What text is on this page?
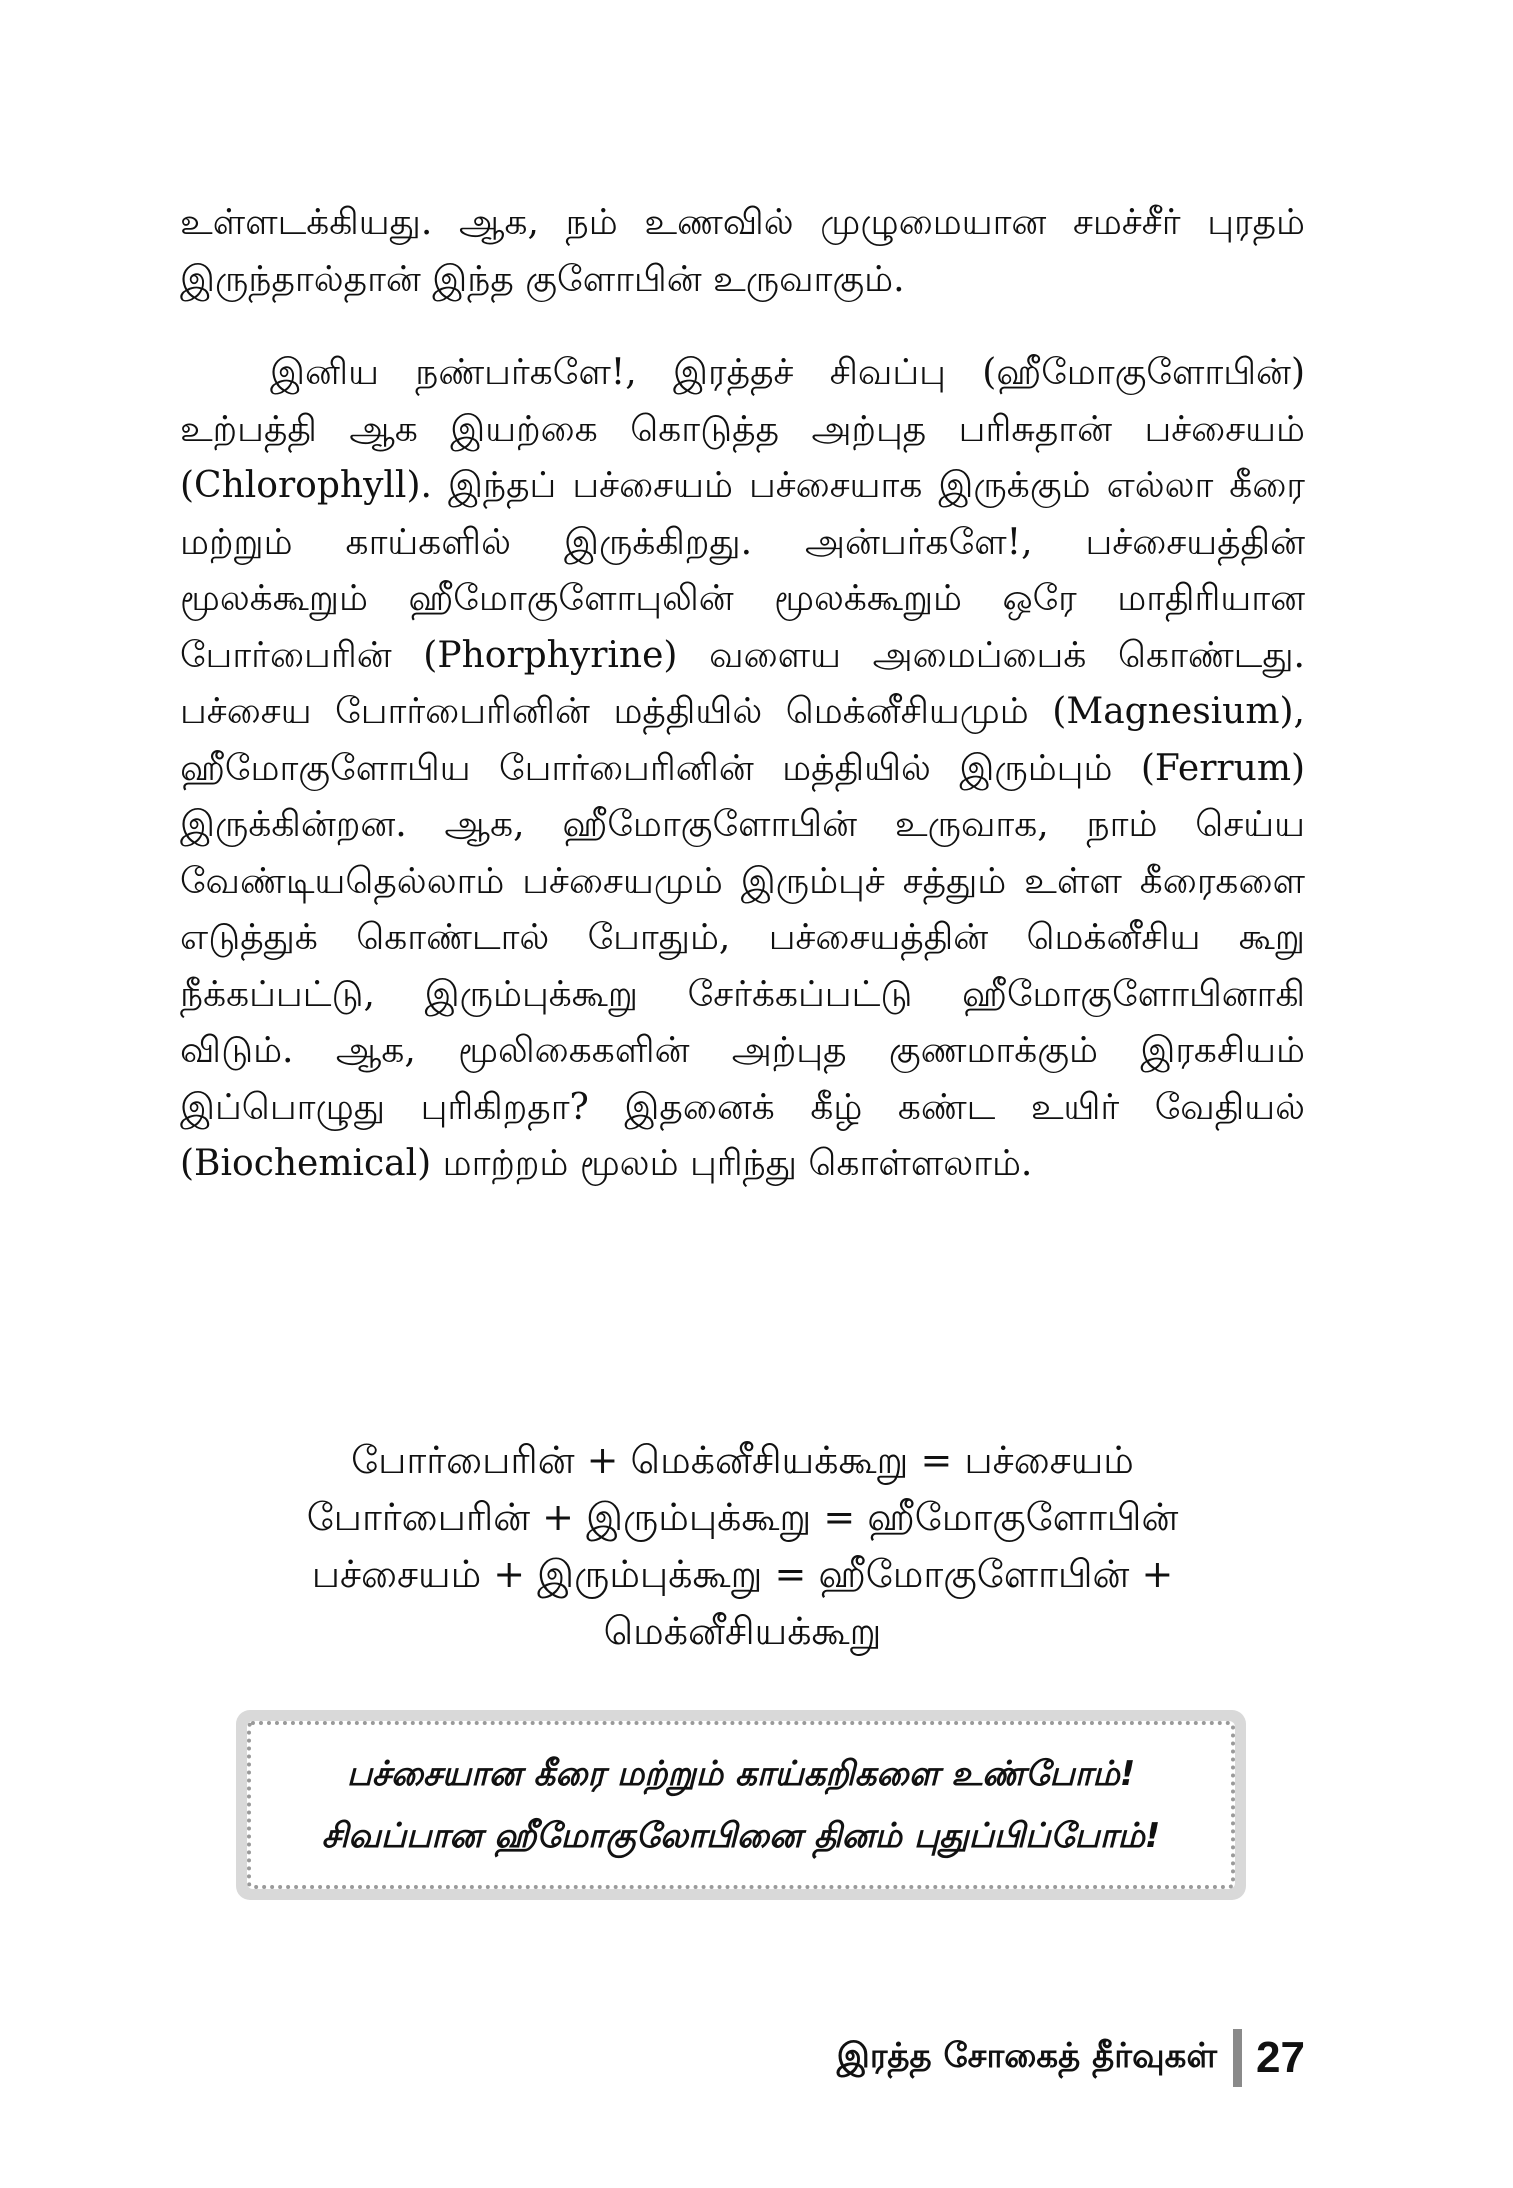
உள்ளடக்கியது. ஆக, நம் உணவில் முழுமையான சமச்சீர் புரதம் இருந்தால்தான் இந்த குளோபின் உருவாகும்.

இனிய நண்பர்களே!, இரத்தச் சிவப்பு (ஹீமோகுளோபின்) உற்பத்தி ஆக இயற்கை கொடுத்த அற்புத பரிசுதான் பச்சையம் (Chlorophyll). இந்தப் பச்சையம் பச்சையாக இருக்கும் எல்லா கீரை மற்றும் காய்களில் இருக்கிறது. அன்பர்களே!, பச்சையத்தின் மூலக்கூறும் ஹீமோகுளோபுலின் மூலக்கூறும் ஒரே மாதிரியான போர்பைரின் (Phorphyrine) வளைய அமைப்பைக் கொண்டது. பச்சைய போர்பைரினின் மத்தியில் மெக்னீசியமும் (Magnesium), ஹீமோகுளோபிய போர்பைரினின் மத்தியில் இரும்பும் (Ferrum) இருக்கின்றன. ஆக, ஹீமோகுளோபின் உருவாக, நாம் செய்ய வேண்டியதெல்லாம் பச்சையமும் இரும்புச் சத்தும் உள்ள கீரைகளை எடுத்துக் கொண்டால் போதும், பச்சையத்தின் மெக்னீசிய கூறு நீக்கப்பட்டு, இரும்புக்கூறு சேர்க்கப்பட்டு ஹீமோகுளோபினாகி விடும். ஆக, மூலிகைகளின் அற்புத குணமாக்கும் இரகசியம் இப்பொழுது புரிகிறதா? இதனைக் கீழ் கண்ட உயிர் வேதியல் (Biochemical) மாற்றம் மூலம் புரிந்து கொள்ளலாம்.

போர்பைரின் + மெக்னீசியக்கூறு = பச்சையம்
போர்பைரின் + இரும்புக்கூறு = ஹீமோகுளோபின்
பச்சையம் + இரும்புக்கூறு = ஹீமோகுளோபின் +
மெக்னீசியக்கூறு
பச்சையான கீரை மற்றும் காய்கறிகளை உண்போம்!
சிவப்பான ஹீமோகுலோபினை தினம் புதுப்பிப்போம்!
இரத்த சோகைத் தீர்வுகள் 27
